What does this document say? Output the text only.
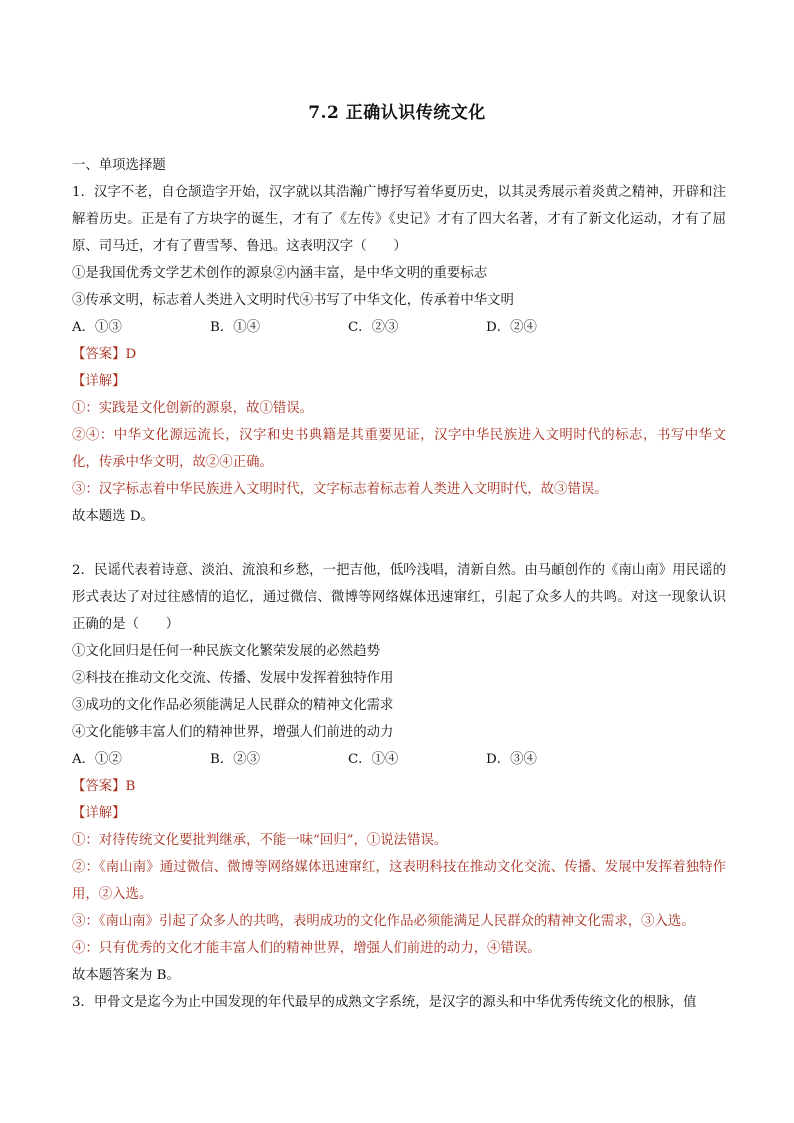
7.2 正确认识传统文化
一、单项选择题
1．汉字不老，自仓颉造字开始，汉字就以其浩瀚广博抒写着华夏历史，以其灵秀展示着炎黄之精神，开辟和注解着历史。正是有了方块字的诞生，才有了《左传》《史记》才有了四大名著，才有了新文化运动，才有了屈原、司马迁，才有了曹雪琴、鲁迅。这表明汉字（　　）
①是我国优秀文学艺术创作的源泉②内涵丰富，是中华文明的重要标志
③传承文明，标志着人类进入文明时代④书写了中华文化，传承着中华文明
A．①③	B．①④	C．②③	D．②④
【答案】D
【详解】
①：实践是文化创新的源泉，故①错误。
②④：中华文化源远流长，汉字和史书典籍是其重要见证，汉字中华民族进入文明时代的标志，书写中华文化，传承中华文明，故②④正确。
③：汉字标志着中华民族进入文明时代，文字标志着标志着人类进入文明时代，故③错误。
故本题选 D。
2．民谣代表着诗意、淡泊、流浪和乡愁，一把吉他，低吟浅唱，清新自然。由马頔创作的《南山南》用民谣的形式表达了对过往感情的追忆，通过微信、微博等网络媒体迅速窜红，引起了众多人的共鸣。对这一现象认识正确的是（　　）
①文化回归是任何一种民族文化繁荣发展的必然趋势
②科技在推动文化交流、传播、发展中发挥着独特作用
③成功的文化作品必须能满足人民群众的精神文化需求
④文化能够丰富人们的精神世界，增强人们前进的动力
A．①②	B．②③	C．①④	D．③④
【答案】B
【详解】
①：对待传统文化要批判继承，不能一味“回归”，①说法错误。
②：《南山南》通过微信、微博等网络媒体迅速窜红，这表明科技在推动文化交流、传播、发展中发挥着独特作用，②入选。
③：《南山南》引起了众多人的共鸣，表明成功的文化作品必须能满足人民群众的精神文化需求，③入选。
④：只有优秀的文化才能丰富人们的精神世界，增强人们前进的动力，④错误。
故本题答案为 B。
3．甲骨文是迄今为止中国发现的年代最早的成熟文字系统，是汉字的源头和中华优秀传统文化的根脉，值
